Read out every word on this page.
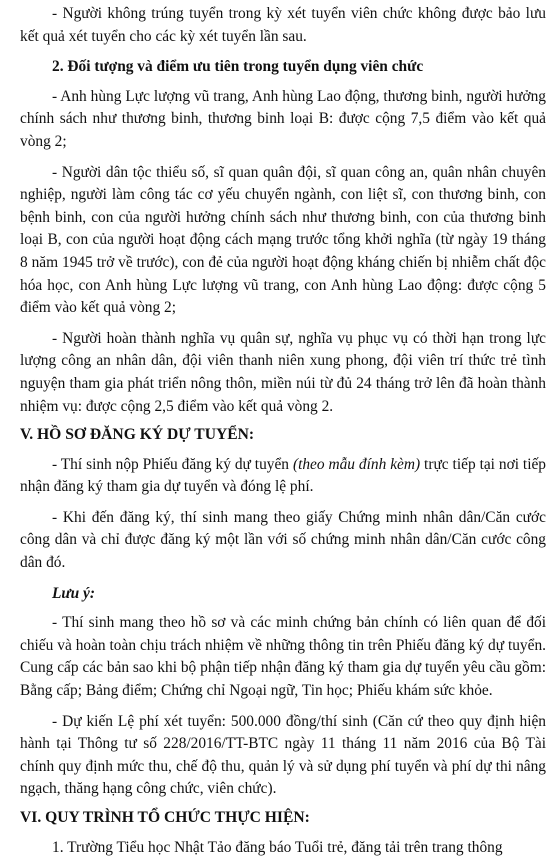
- Người không trúng tuyển trong kỳ xét tuyển viên chức không được bảo lưu kết quả xét tuyển cho các kỳ xét tuyển lần sau.

2. Đối tượng và điểm ưu tiên trong tuyển dụng viên chức

- Anh hùng Lực lượng vũ trang, Anh hùng Lao động, thương binh, người hưởng chính sách như thương binh, thương binh loại B: được cộng 7,5 điểm vào kết quả vòng 2;

- Người dân tộc thiểu số, sĩ quan quân đội, sĩ quan công an, quân nhân chuyên nghiệp, người làm công tác cơ yếu chuyển ngành, con liệt sĩ, con thương binh, con bệnh binh, con của người hưởng chính sách như thương binh, con của thương binh loại B, con của người hoạt động cách mạng trước tổng khởi nghĩa (từ ngày 19 tháng 8 năm 1945 trở về trước), con đẻ của người hoạt động kháng chiến bị nhiễm chất độc hóa học, con Anh hùng Lực lượng vũ trang, con Anh hùng Lao động: được cộng 5 điểm vào kết quả vòng 2;

- Người hoàn thành nghĩa vụ quân sự, nghĩa vụ phục vụ có thời hạn trong lực lượng công an nhân dân, đội viên thanh niên xung phong, đội viên trí thức trẻ tình nguyện tham gia phát triển nông thôn, miền núi từ đủ 24 tháng trở lên đã hoàn thành nhiệm vụ: được cộng 2,5 điểm vào kết quả vòng 2.

V. HỒ SƠ ĐĂNG KÝ DỰ TUYỂN:

- Thí sinh nộp Phiếu đăng ký dự tuyển (theo mẫu đính kèm) trực tiếp tại nơi tiếp nhận đăng ký tham gia dự tuyển và đóng lệ phí.

- Khi đến đăng ký, thí sinh mang theo giấy Chứng minh nhân dân/Căn cước công dân và chỉ được đăng ký một lần với số chứng minh nhân dân/Căn cước công dân đó.

Lưu ý:

- Thí sinh mang theo hồ sơ và các minh chứng bản chính có liên quan để đối chiếu và hoàn toàn chịu trách nhiệm về những thông tin trên Phiếu đăng ký dự tuyển. Cung cấp các bản sao khi bộ phận tiếp nhận đăng ký tham gia dự tuyển yêu cầu gồm: Bằng cấp; Bảng điểm; Chứng chỉ Ngoại ngữ, Tin học; Phiếu khám sức khỏe.

- Dự kiến Lệ phí xét tuyển: 500.000 đồng/thí sinh (Căn cứ theo quy định hiện hành tại Thông tư số 228/2016/TT-BTC ngày 11 tháng 11 năm 2016 của Bộ Tài chính quy định mức thu, chế độ thu, quản lý và sử dụng phí tuyển và phí dự thi nâng ngạch, thăng hạng công chức, viên chức).

VI. QUY TRÌNH TỔ CHỨC THỰC HIỆN:

1. Trường Tiểu học Nhật Tảo đăng báo Tuổi trẻ, đăng tải trên trang thông
